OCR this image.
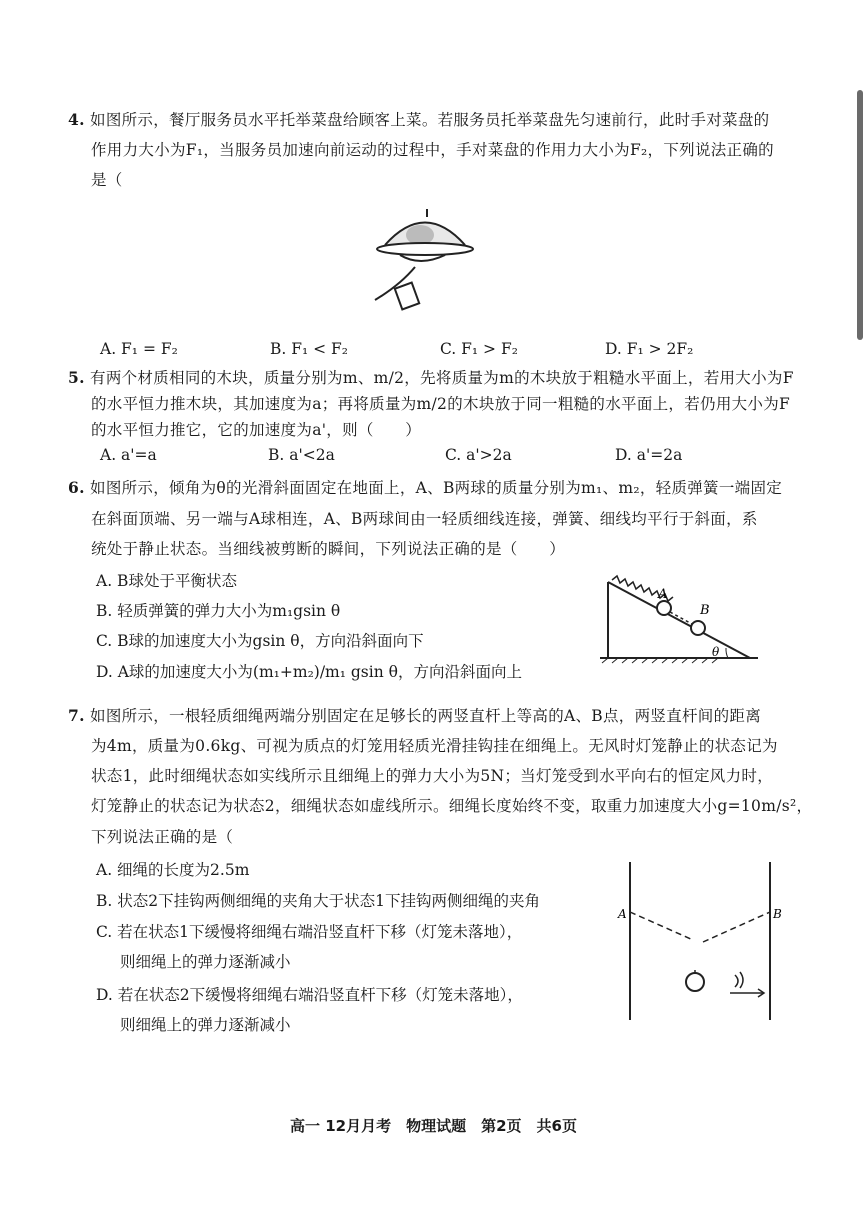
4. 如图所示，餐厅服务员水平托举菜盘给顾客上菜。若服务员托举菜盘先匀速前行，此时手对菜盘的
作用力大小为F₁，当服务员加速向前运动的过程中，手对菜盘的作用力大小为F₂，下列说法正确的
是（
A. F₁ = F₂	B. F₁ < F₂	C. F₁ > F₂	D. F₁ > 2F₂
5. 有两个材质相同的木块，质量分别为m、m/2，先将质量为m的木块放于粗糙水平面上，若用大小为F
的水平恒力推木块，其加速度为a；再将质量为m/2的木块放于同一粗糙的水平面上，若仍用大小为F
的水平恒力推它，它的加速度为a'，则（　　）
A. a'=a	B. a'<2a	C. a'>2a	D. a'=2a
6. 如图所示，倾角为θ的光滑斜面固定在地面上，A、B两球的质量分别为m₁、m₂，轻质弹簧一端固定
在斜面顶端、另一端与A球相连，A、B两球间由一轻质细线连接，弹簧、细线均平行于斜面，系
统处于静止状态。当细线被剪断的瞬间，下列说法正确的是（　　）
A. B球处于平衡状态
B. 轻质弹簧的弹力大小为m₁gsin θ
C. B球的加速度大小为gsin θ，方向沿斜面向下
D. A球的加速度大小为(m₁+m₂)/m₁ gsin θ，方向沿斜面向上
A
B
θ
7. 如图所示，一根轻质细绳两端分别固定在足够长的两竖直杆上等高的A、B点，两竖直杆间的距离
为4m，质量为0.6kg、可视为质点的灯笼用轻质光滑挂钩挂在细绳上。无风时灯笼静止的状态记为
状态1，此时细绳状态如实线所示且细绳上的弹力大小为5N；当灯笼受到水平向右的恒定风力时，
灯笼静止的状态记为状态2，细绳状态如虚线所示。细绳长度始终不变，取重力加速度大小g=10m/s²，
下列说法正确的是（
A. 细绳的长度为2.5m
B. 状态2下挂钩两侧细绳的夹角大于状态1下挂钩两侧细绳的夹角
C. 若在状态1下缓慢将细绳右端沿竖直杆下移（灯笼未落地），
则细绳上的弹力逐渐减小
D. 若在状态2下缓慢将细绳右端沿竖直杆下移（灯笼未落地），
则细绳上的弹力逐渐减小
A	B
高一 12月月考　物理试题　第2页　共6页
